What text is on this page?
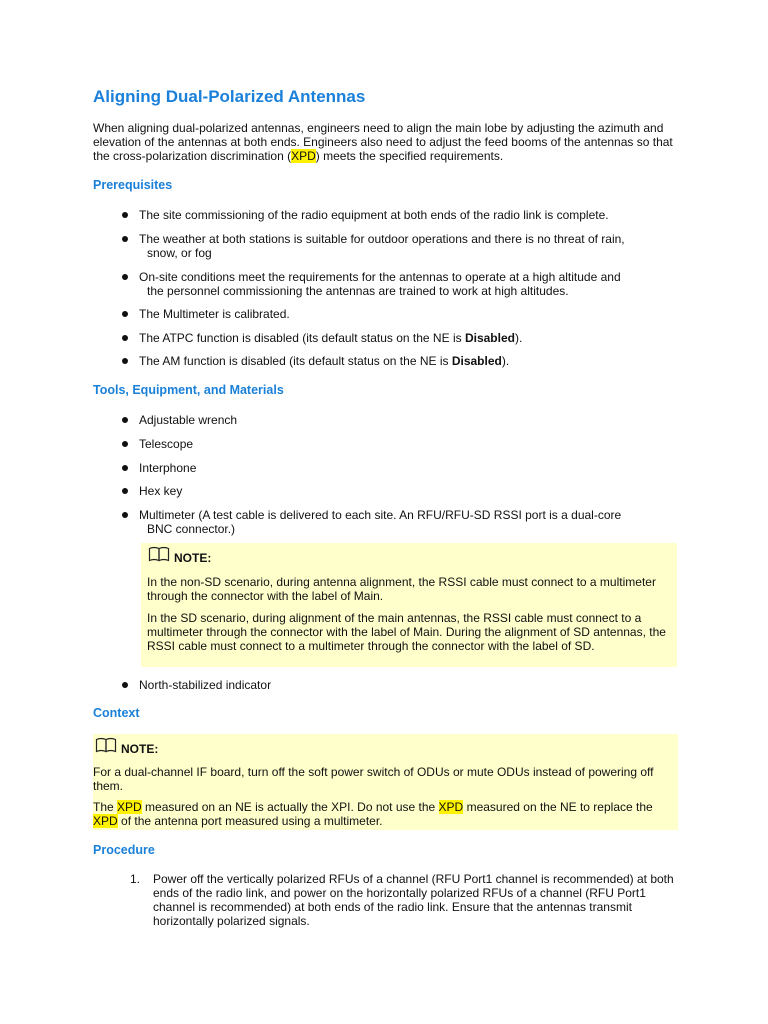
Aligning Dual-Polarized Antennas

When aligning dual-polarized antennas, engineers need to align the main lobe by adjusting the azimuth and elevation of the antennas at both ends. Engineers also need to adjust the feed booms of the antennas so that the cross-polarization discrimination (XPD) meets the specified requirements.

Prerequisites

The site commissioning of the radio equipment at both ends of the radio link is complete.

The weather at both stations is suitable for outdoor operations and there is no threat of rain,
snow, or fog

On-site conditions meet the requirements for the antennas to operate at a high altitude and
the personnel commissioning the antennas are trained to work at high altitudes.

The Multimeter is calibrated.

The ATPC function is disabled (its default status on the NE is Disabled).

The AM function is disabled (its default status on the NE is Disabled).

Tools, Equipment, and Materials

Adjustable wrench

Telescope

Interphone

Hex key

Multimeter (A test cable is delivered to each site. An RFU/RFU-SD RSSI port is a dual-core
BNC connector.)

NOTE:

In the non-SD scenario, during antenna alignment, the RSSI cable must connect to a multimeter through the connector with the label of Main.

In the SD scenario, during alignment of the main antennas, the RSSI cable must connect to a multimeter through the connector with the label of Main. During the alignment of SD antennas, the RSSI cable must connect to a multimeter through the connector with the label of SD.

North-stabilized indicator

Context
NOTE:

For a dual-channel IF board, turn off the soft power switch of ODUs or mute ODUs instead of powering off them.

The XPD measured on an NE is actually the XPI. Do not use the XPD measured on the NE to replace the XPD of the antenna port measured using a multimeter.

Procedure
1. Power off the vertically polarized RFUs of a channel (RFU Port1 channel is recommended) at both ends of the radio link, and power on the horizontally polarized RFUs of a channel (RFU Port1 channel is recommended) at both ends of the radio link. Ensure that the antennas transmit horizontally polarized signals.
